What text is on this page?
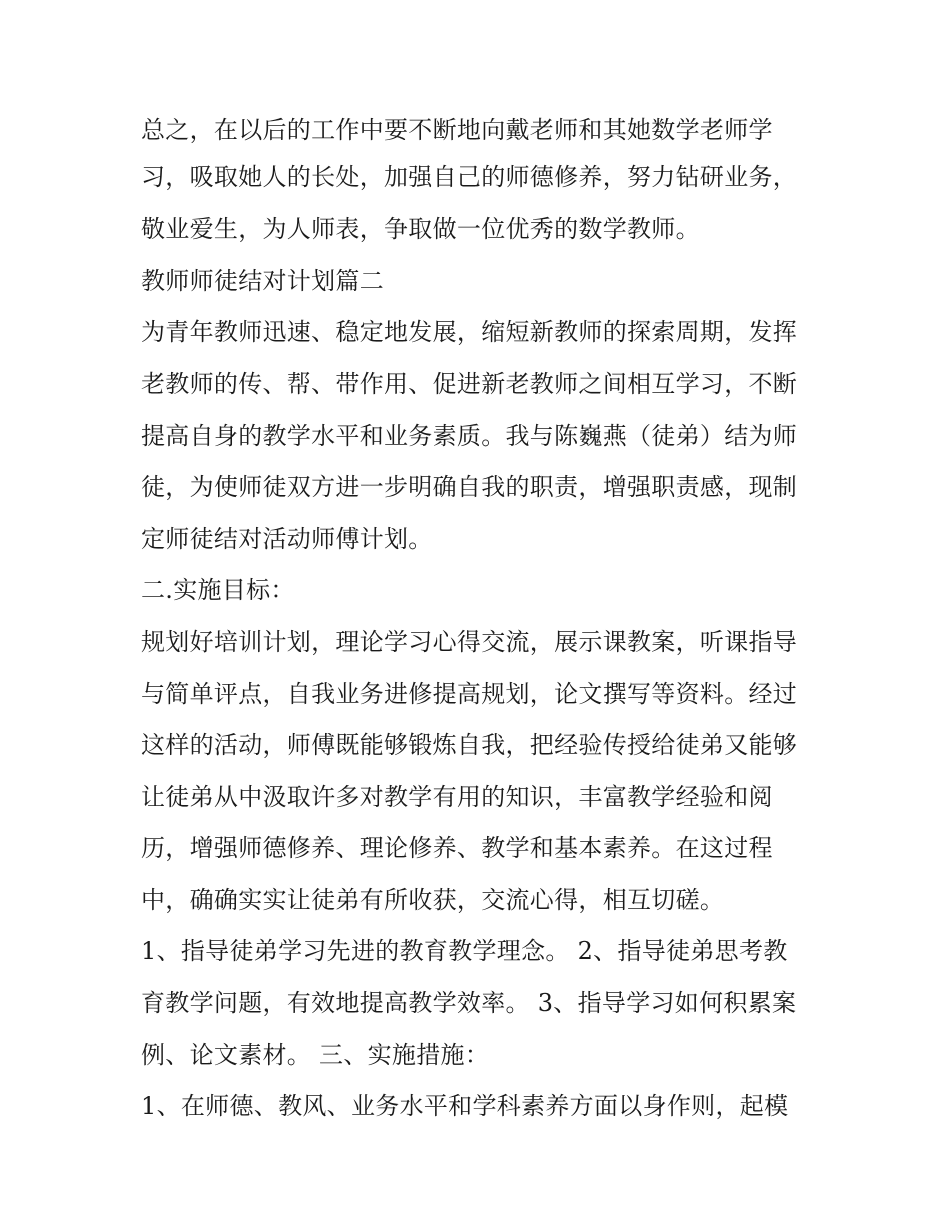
总之，在以后的工作中要不断地向戴老师和其她数学老师学
习，吸取她人的长处，加强自己的师德修养，努力钻研业务，
敬业爱生，为人师表，争取做一位优秀的数学教师。
教师师徒结对计划篇二
为青年教师迅速、稳定地发展，缩短新教师的探索周期，发挥
老教师的传、帮、带作用、促进新老教师之间相互学习，不断
提高自身的教学水平和业务素质。我与陈巍燕（徒弟）结为师
徒，为使师徒双方进一步明确自我的职责，增强职责感，现制
定师徒结对活动师傅计划。
二.实施目标：
规划好培训计划，理论学习心得交流，展示课教案，听课指导
与简单评点，自我业务进修提高规划，论文撰写等资料。经过
这样的活动，师傅既能够锻炼自我，把经验传授给徒弟又能够
让徒弟从中汲取许多对教学有用的知识，丰富教学经验和阅
历，增强师德修养、理论修养、教学和基本素养。在这过程
中，确确实实让徒弟有所收获，交流心得，相互切磋。
1、指导徒弟学习先进的教育教学理念。 2、指导徒弟思考教
育教学问题，有效地提高教学效率。 3、指导学习如何积累案
例、论文素材。 三、实施措施：
1、在师德、教风、业务水平和学科素养方面以身作则，起模
